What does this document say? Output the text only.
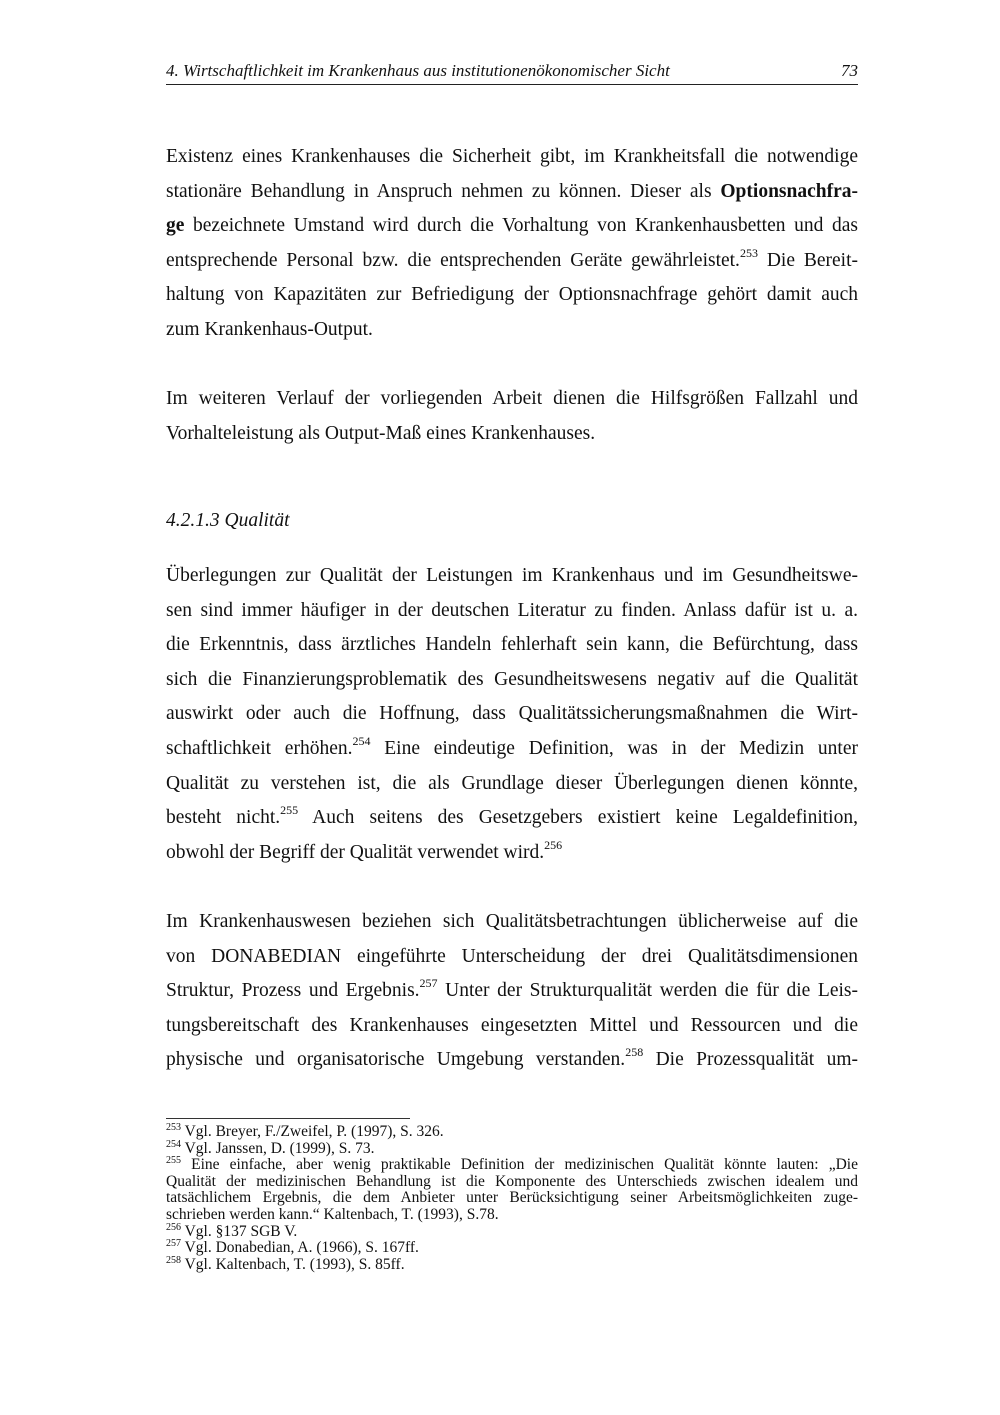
4. Wirtschaftlichkeit im Krankenhaus aus institutionenökonomischer Sicht	73
Existenz eines Krankenhauses die Sicherheit gibt, im Krankheitsfall die notwendige
stationäre Behandlung in Anspruch nehmen zu können. Dieser als Optionsnachfra-
ge bezeichnete Umstand wird durch die Vorhaltung von Krankenhausbetten und das
entsprechende Personal bzw. die entsprechenden Geräte gewährleistet.$^{253}$ Die Bereit-
haltung von Kapazitäten zur Befriedigung der Optionsnachfrage gehört damit auch
zum Krankenhaus-Output.
Im weiteren Verlauf der vorliegenden Arbeit dienen die Hilfsgrößen Fallzahl und
Vorhalteleistung als Output-Maß eines Krankenhauses.
4.2.1.3 Qualität
Überlegungen zur Qualität der Leistungen im Krankenhaus und im Gesundheitswe-
sen sind immer häufiger in der deutschen Literatur zu finden. Anlass dafür ist u. a.
die Erkenntnis, dass ärztliches Handeln fehlerhaft sein kann, die Befürchtung, dass
sich die Finanzierungsproblematik des Gesundheitswesens negativ auf die Qualität
auswirkt oder auch die Hoffnung, dass Qualitätssicherungsmaßnahmen die Wirt-
schaftlichkeit erhöhen.$^{254}$ Eine eindeutige Definition, was in der Medizin unter
Qualität zu verstehen ist, die als Grundlage dieser Überlegungen dienen könnte,
besteht nicht.$^{255}$ Auch seitens des Gesetzgebers existiert keine Legaldefinition,
obwohl der Begriff der Qualität verwendet wird.$^{256}$
Im Krankenhauswesen beziehen sich Qualitätsbetrachtungen üblicherweise auf die
von DONABEDIAN eingeführte Unterscheidung der drei Qualitätsdimensionen
Struktur, Prozess und Ergebnis.$^{257}$ Unter der Strukturqualität werden die für die Leis-
tungsbereitschaft des Krankenhauses eingesetzten Mittel und Ressourcen und die
physische und organisatorische Umgebung verstanden.$^{258}$ Die Prozessqualität um-
$^{253}$ Vgl. Breyer, F./Zweifel, P. (1997), S. 326.
$^{254}$ Vgl. Janssen, D. (1999), S. 73.
$^{255}$ Eine einfache, aber wenig praktikable Definition der medizinischen Qualität könnte lauten: „Die
Qualität der medizinischen Behandlung ist die Komponente des Unterschieds zwischen idealem und
tatsächlichem Ergebnis, die dem Anbieter unter Berücksichtigung seiner Arbeitsmöglichkeiten zuge-
schrieben werden kann.“ Kaltenbach, T. (1993), S.78.
$^{256}$ Vgl. §137 SGB V.
$^{257}$ Vgl. Donabedian, A. (1966), S. 167ff.
$^{258}$ Vgl. Kaltenbach, T. (1993), S. 85ff.
